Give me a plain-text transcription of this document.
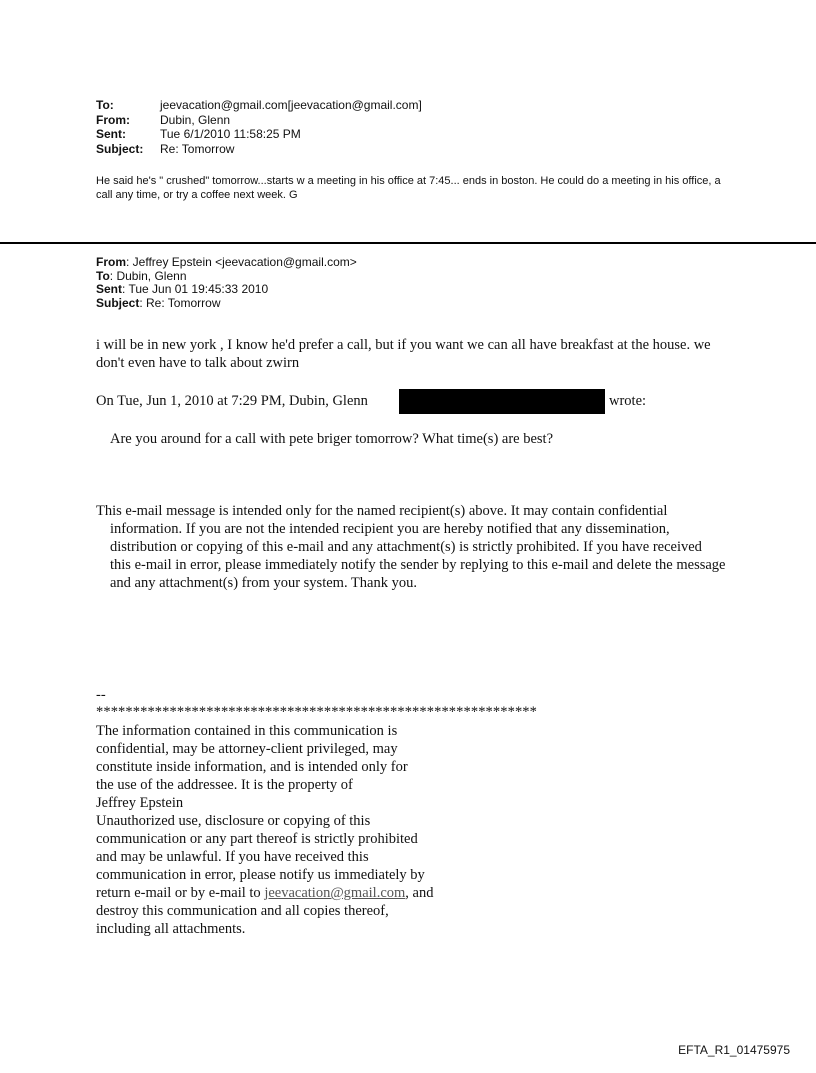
To:	jeevacation@gmail.com[jeevacation@gmail.com]
From:	Dubin, Glenn
Sent:	Tue 6/1/2010 11:58:25 PM
Subject:	Re: Tomorrow
He said he's " crushed" tomorrow...starts w a meeting in his office at 7:45... ends in boston. He could do a meeting in his office, a call any time, or try a coffee next week. G
From: Jeffrey Epstein <jeevacation@gmail.com>
To: Dubin, Glenn
Sent: Tue Jun 01 19:45:33 2010
Subject: Re: Tomorrow
i will be in new york , I know he'd prefer a call, but if you want we can all have breakfast at the house. we don't even have to talk about zwirn
On Tue, Jun 1, 2010 at 7:29 PM, Dubin, Glenn	wrote:
Are you around for a call with pete briger tomorrow? What time(s) are best?
This e-mail message is intended only for the named recipient(s) above. It may contain confidential information. If you are not the intended recipient you are hereby notified that any dissemination, distribution or copying of this e-mail and any attachment(s) is strictly prohibited. If you have received this e-mail in error, please immediately notify the sender by replying to this e-mail and delete the message and any attachment(s) from your system. Thank you.
--
************************************************************
The information contained in this communication is
confidential, may be attorney-client privileged, may
constitute inside information, and is intended only for
the use of the addressee. It is the property of
Jeffrey Epstein
Unauthorized use, disclosure or copying of this
communication or any part thereof is strictly prohibited
and may be unlawful. If you have received this
communication in error, please notify us immediately by
return e-mail or by e-mail to jeevacation@gmail.com, and
destroy this communication and all copies thereof,
including all attachments.
EFTA_R1_01475975
